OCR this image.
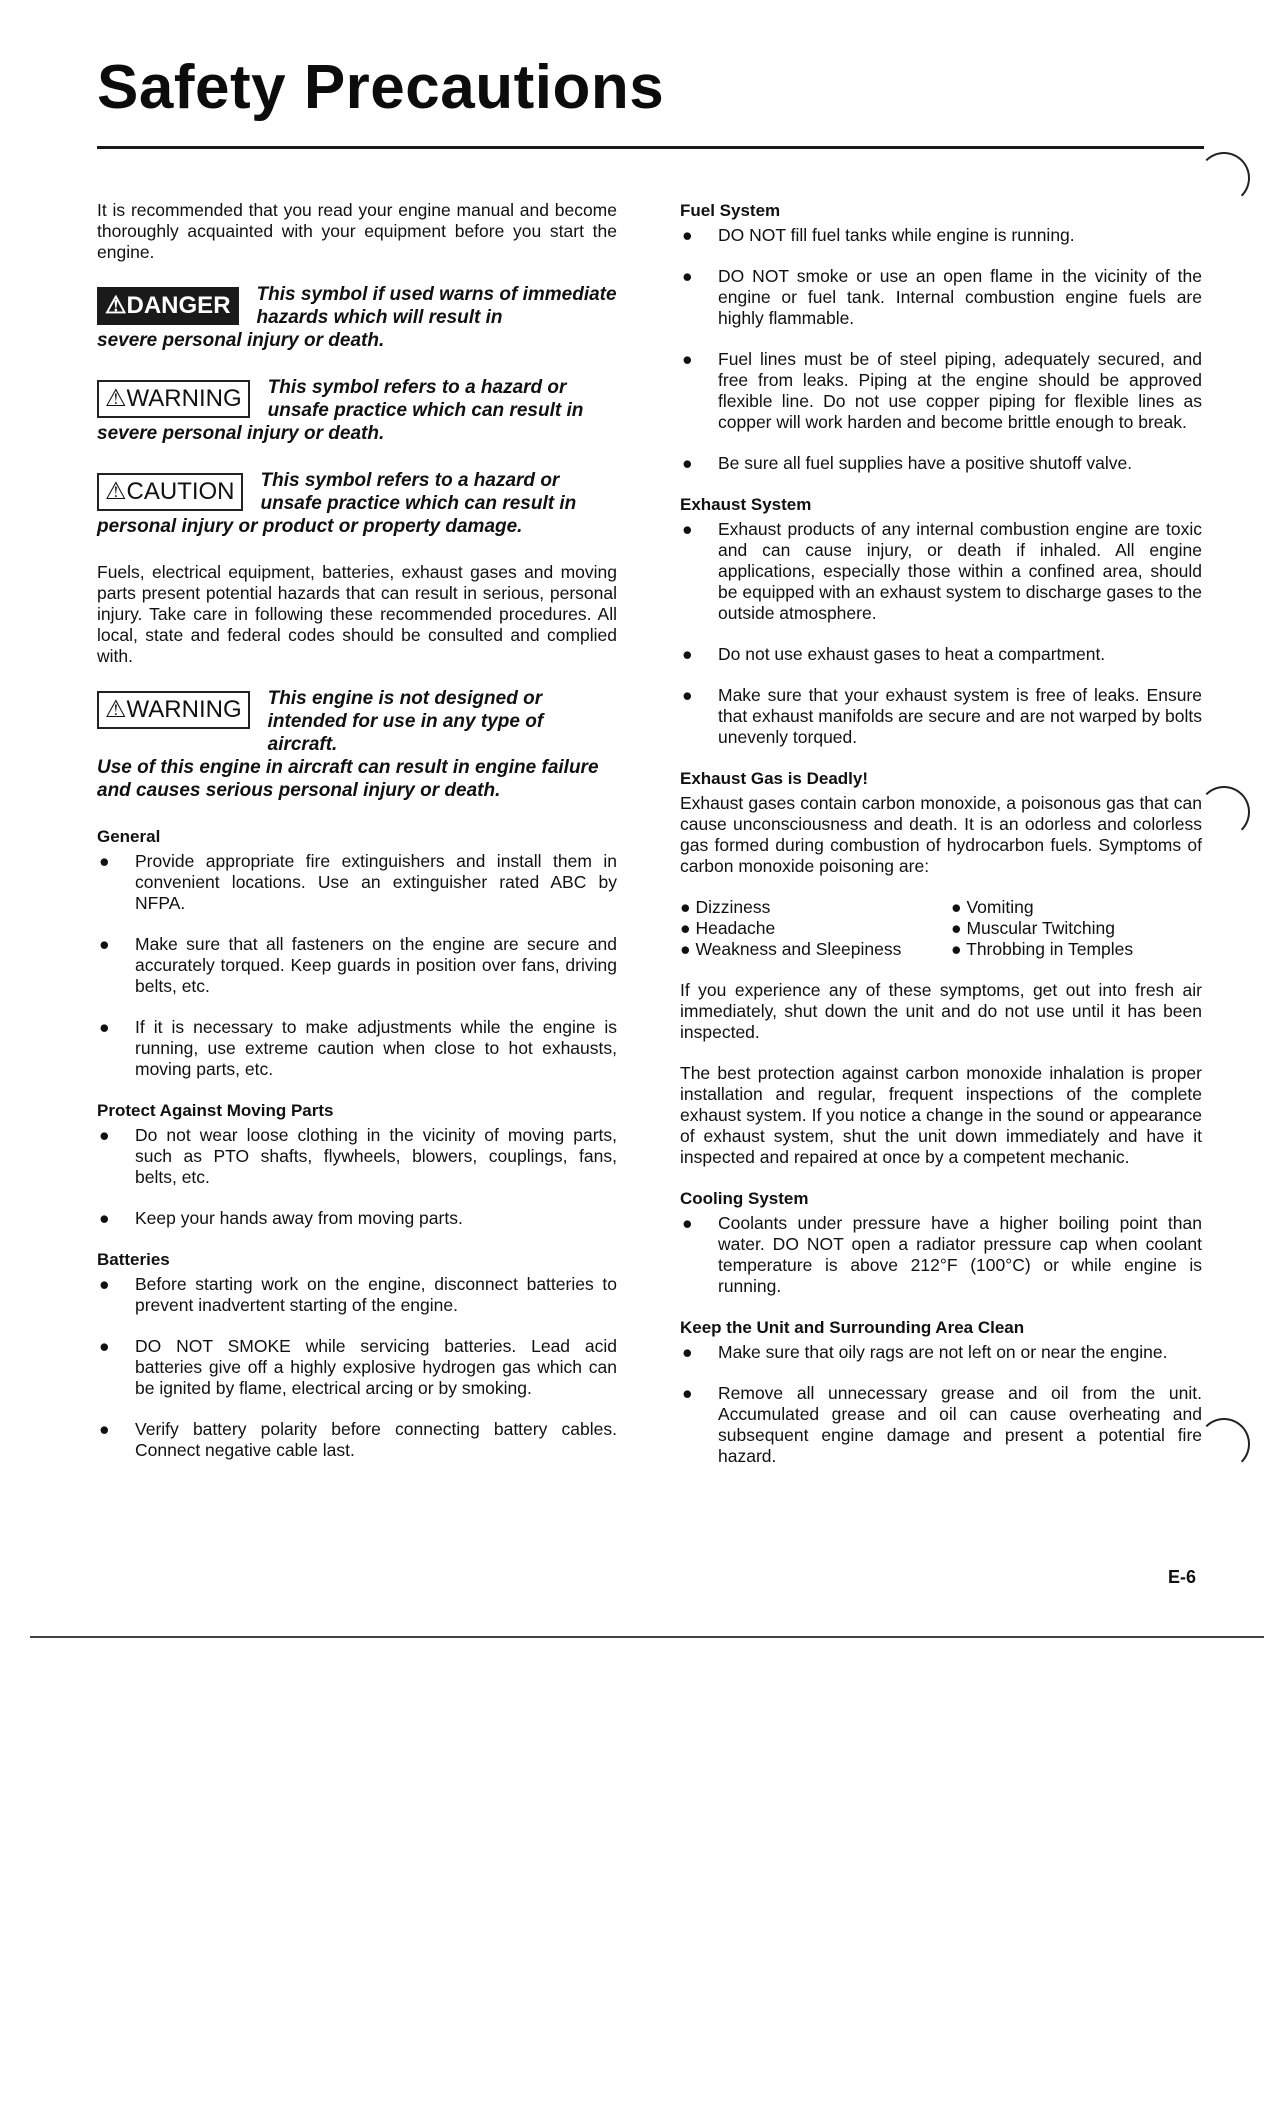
Safety Precautions

It is recommended that you read your engine manual and become thoroughly acquainted with your equipment before you start the engine.

⚠DANGER	This symbol if used warns of immediate hazards which will result in
severe personal injury or death.
⚠WARNING	This symbol refers to a hazard or unsafe practice which can result in
severe personal injury or death.
⚠CAUTION	This symbol refers to a hazard or unsafe practice which can result in
personal injury or product or property damage.

Fuels, electrical equipment, batteries, exhaust gases and moving parts present potential hazards that can result in serious, personal injury. Take care in following these recommended procedures. All local, state and federal codes should be consulted and complied with.

⚠WARNING	This engine is not designed or intended for use in any type of aircraft.
Use of this engine in aircraft can result in engine failure and causes serious personal injury or death.
General
●	Provide appropriate fire extinguishers and install them in convenient locations. Use an extinguisher rated ABC by NFPA.
●	Make sure that all fasteners on the engine are secure and accurately torqued. Keep guards in position over fans, driving belts, etc.
●	If it is necessary to make adjustments while the engine is running, use extreme caution when close to hot exhausts, moving parts, etc.
Protect Against Moving Parts
●	Do not wear loose clothing in the vicinity of moving parts, such as PTO shafts, flywheels, blowers, couplings, fans, belts, etc.
●	Keep your hands away from moving parts.
Batteries
●	Before starting work on the engine, disconnect batteries to prevent inadvertent starting of the engine.
●	DO NOT SMOKE while servicing batteries. Lead acid batteries give off a highly explosive hydrogen gas which can be ignited by flame, electrical arcing or by smoking.
●	Verify battery polarity before connecting battery cables. Connect negative cable last.
Fuel System
●	DO NOT fill fuel tanks while engine is running.
●	DO NOT smoke or use an open flame in the vicinity of the engine or fuel tank. Internal combustion engine fuels are highly flammable.
●	Fuel lines must be of steel piping, adequately secured, and free from leaks. Piping at the engine should be approved flexible line. Do not use copper piping for flexible lines as copper will work harden and become brittle enough to break.
●	Be sure all fuel supplies have a positive shutoff valve.
Exhaust System
●	Exhaust products of any internal combustion engine are toxic and can cause injury, or death if inhaled. All engine applications, especially those within a confined area, should be equipped with an exhaust system to discharge gases to the outside atmosphere.
●	Do not use exhaust gases to heat a compartment.
●	Make sure that your exhaust system is free of leaks. Ensure that exhaust manifolds are secure and are not warped by bolts unevenly torqued.
Exhaust Gas is Deadly!

Exhaust gases contain carbon monoxide, a poisonous gas that can cause unconsciousness and death. It is an odorless and colorless gas formed during combustion of hydrocarbon fuels. Symptoms of carbon monoxide poisoning are:

● Dizziness	● Vomiting
● Headache	● Muscular Twitching
● Weakness and Sleepiness	● Throbbing in Temples

If you experience any of these symptoms, get out into fresh air immediately, shut down the unit and do not use until it has been inspected.

The best protection against carbon monoxide inhalation is proper installation and regular, frequent inspections of the complete exhaust system. If you notice a change in the sound or appearance of exhaust system, shut the unit down immediately and have it inspected and repaired at once by a competent mechanic.

Cooling System
●	Coolants under pressure have a higher boiling point than water. DO NOT open a radiator pressure cap when coolant temperature is above 212°F (100°C) or while engine is running.
Keep the Unit and Surrounding Area Clean
●	Make sure that oily rags are not left on or near the engine.
●	Remove all unnecessary grease and oil from the unit. Accumulated grease and oil can cause overheating and subsequent engine damage and present a potential fire hazard.
E-6
